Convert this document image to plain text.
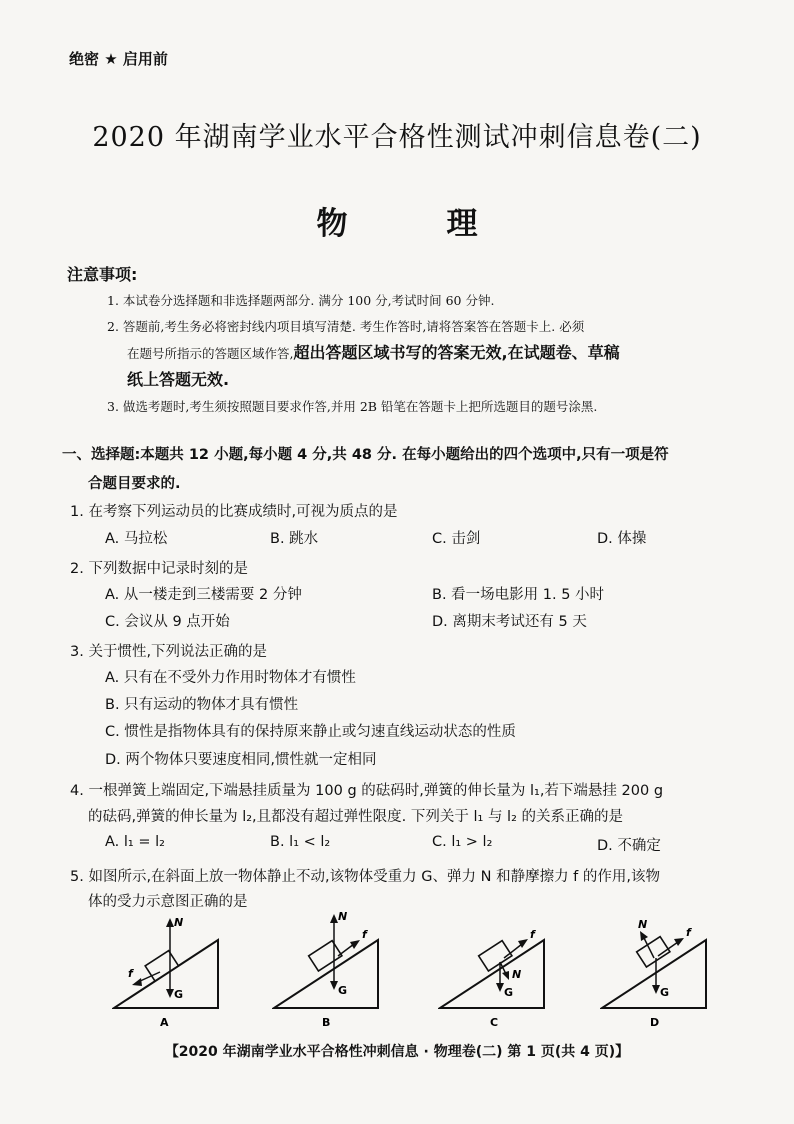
绝密 ★ 启用前
2020 年湖南学业水平合格性测试冲刺信息卷(二)
物	理
注意事项:
1. 本试卷分选择题和非选择题两部分. 满分 100 分,考试时间 60 分钟.
2. 答题前,考生务必将密封线内项目填写清楚. 考生作答时,请将答案答在答题卡上. 必须
在题号所指示的答题区域作答,超出答题区域书写的答案无效,在试题卷、草稿
纸上答题无效.
3. 做选考题时,考生须按照题目要求作答,并用 2B 铅笔在答题卡上把所选题目的题号涂黑.
一、选择题:本题共 12 小题,每小题 4 分,共 48 分. 在每小题给出的四个选项中,只有一项是符
合题目要求的.
1. 在考察下列运动员的比赛成绩时,可视为质点的是
A. 马拉松	B. 跳水	C. 击剑	D. 体操
2. 下列数据中记录时刻的是
A. 从一楼走到三楼需要 2 分钟	B. 看一场电影用 1. 5 小时
C. 会议从 9 点开始	D. 离期末考试还有 5 天
3. 关于惯性,下列说法正确的是
A. 只有在不受外力作用时物体才有惯性
B. 只有运动的物体才具有惯性
C. 惯性是指物体具有的保持原来静止或匀速直线运动状态的性质
D. 两个物体只要速度相同,惯性就一定相同
4. 一根弹簧上端固定,下端悬挂质量为 100 g 的砝码时,弹簧的伸长量为 l₁,若下端悬挂 200 g
的砝码,弹簧的伸长量为 l₂,且都没有超过弹性限度. 下列关于 l₁ 与 l₂ 的关系正确的是
A. l₁ = l₂	B. l₁ < l₂	C. l₁ > l₂	D. 不确定
5. 如图所示,在斜面上放一物体静止不动,该物体受重力 G、弹力 N 和静摩擦力 f 的作用,该物
体的受力示意图正确的是
N
f
G
A
N
f
G
B
f
N
G
C
N
f
G
D
【2020 年湖南学业水平合格性冲刺信息 · 物理卷(二) 第 1 页(共 4 页)】
